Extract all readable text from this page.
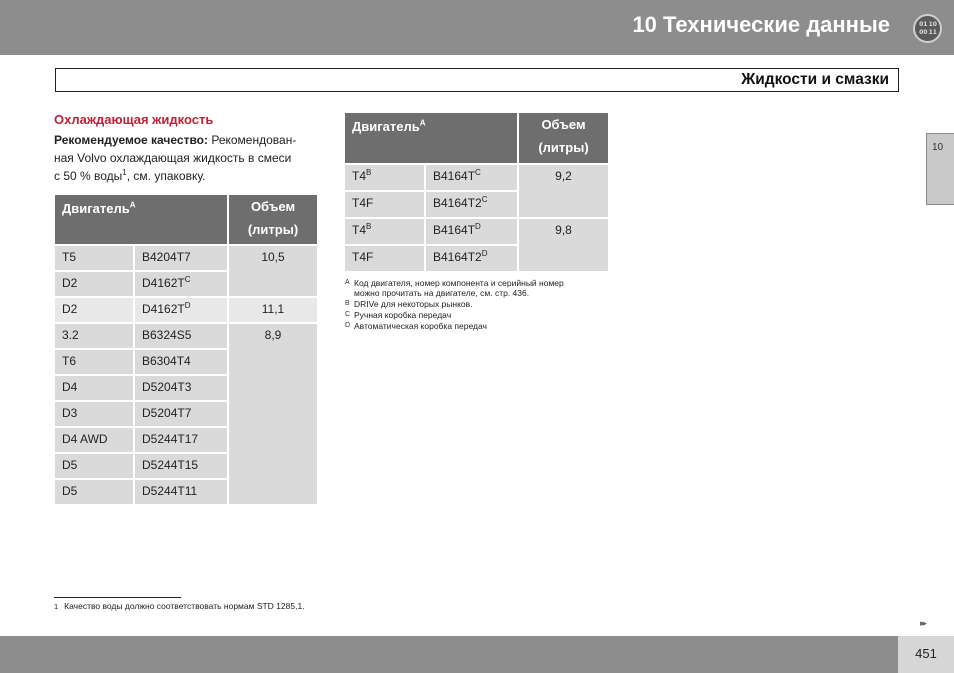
10 Технические данные	01 10
00 11
Жидкости и смазки
10
Охлаждающая жидкость
Рекомендуемое качество: Рекомендован-
ная Volvo охлаждающая жидкость в смеси
с 50 % воды$^1$, см. упаковку.
Двигатель$^A$		Объем
(литры)
T5	B4204T7	10,5
D2	$D4162T^C$
D2	$D4162T^D$	11,1
3.2	B6324S5	8,9
T6	B6304T4	
D4	D5204T3	
D3	D5204T7	
D4 AWD	D5244T17	
D5	D5244T15	
D5	D5244T11	
Двигатель$^A$		Объем
(литры)
$T4^B$	$B4164T^C$	9,2
T4F	$B4164T2^C$
$T4^B$	$B4164T^D$	9,8
T4F	$B4164T2^D$
A Код двигателя, номер компонента и серийный номер
можно прочитать на двигателе, см. стр. 436.
B DRIVe для некоторых рынков.
C Ручная коробка передач
D Автоматическая коробка передач
1 Качество воды должно соответствовать нормам STD 1285,1.
▸▸
451
